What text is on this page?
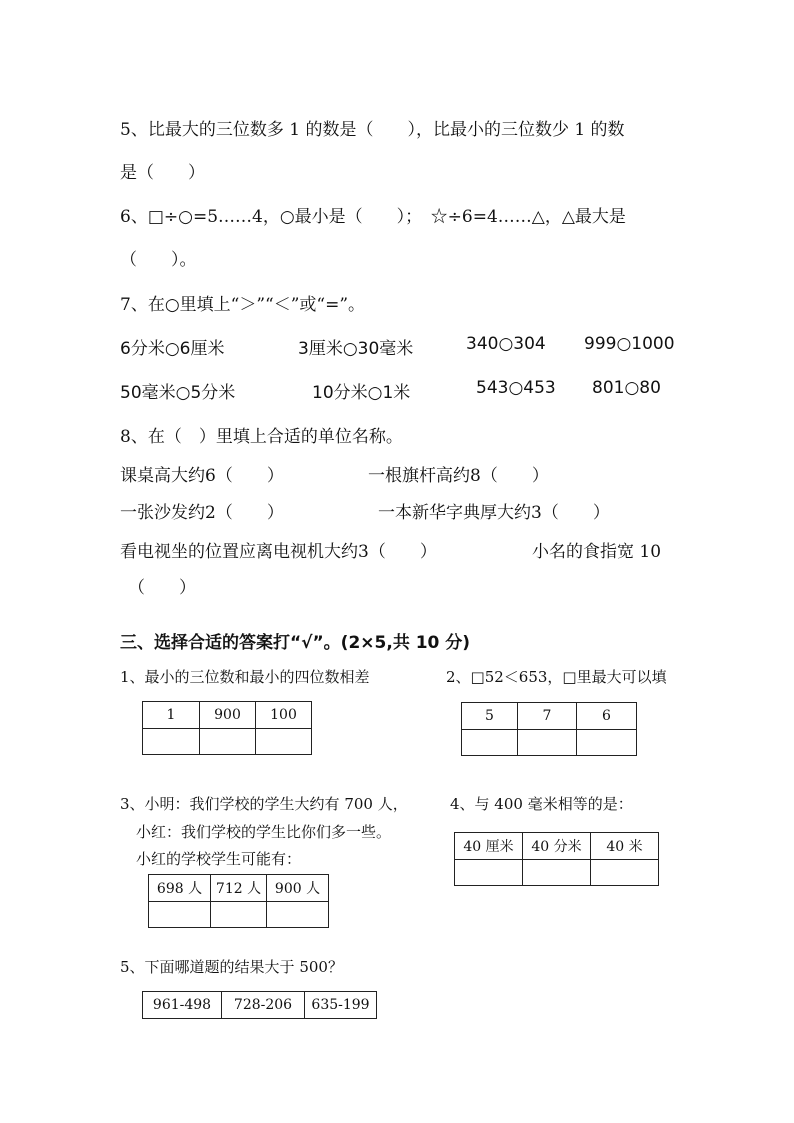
5、比最大的三位数多 1 的数是（　　），比最小的三位数少 1 的数
是（　　）
6、□÷○=5……4，○最小是（　　）；　☆÷6=4……△，△最大是
（　　）。
7、在○里填上“＞”“＜”或“=”。
6分米○6厘米	3厘米○30毫米	340○304 999○1000
50毫米○5分米	10分米○1米	543○453 801○80
8、在（　）里填上合适的单位名称。
课桌高大约6（　　）	一根旗杆高约8（　　）
一张沙发约2（　　）	一本新华字典厚大约3（　　）
看电视坐的位置应离电视机大约3（　　）	小名的食指宽 10
（　　）
三、选择合适的答案打“√”。(2×5,共 10 分)
1、最小的三位数和最小的四位数相差
1	900	100

2、□52＜653，□里最大可以填
5	7	6

3、小明：我们学校的学生大约有 700 人，
小红：我们学校的学生比你们多一些。
小红的学校学生可能有：
698 人	712 人	900 人

4、与 400 毫米相等的是：
40 厘米	40 分米	40 米

5、下面哪道题的结果大于 500？
961-498	728-206	635-199
